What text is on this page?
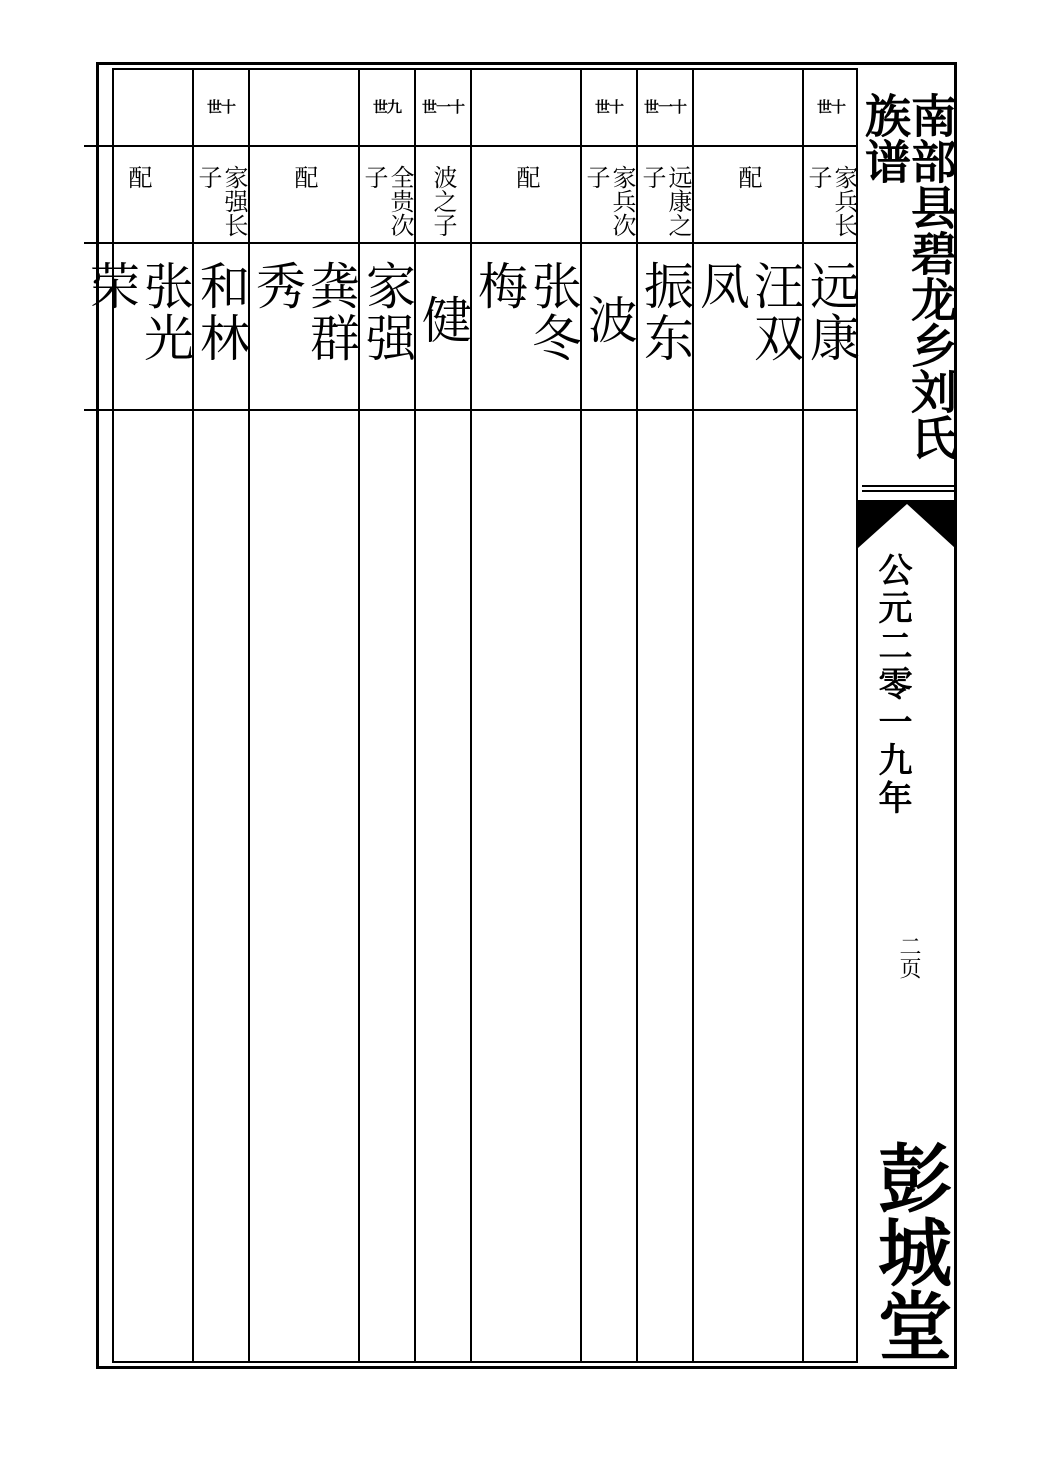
世十
家兵长子
远康
配
汪双凤
世一十
远康之子
振东
世十
家兵次子
波
配
张冬梅
世一十
波之子
健
世九
全贵次子
家强
配
龚群秀
世十
家强长子
和林
配
张光荣	南部县碧龙乡刘氏族谱
公元二零一九年
二页
彭城堂
